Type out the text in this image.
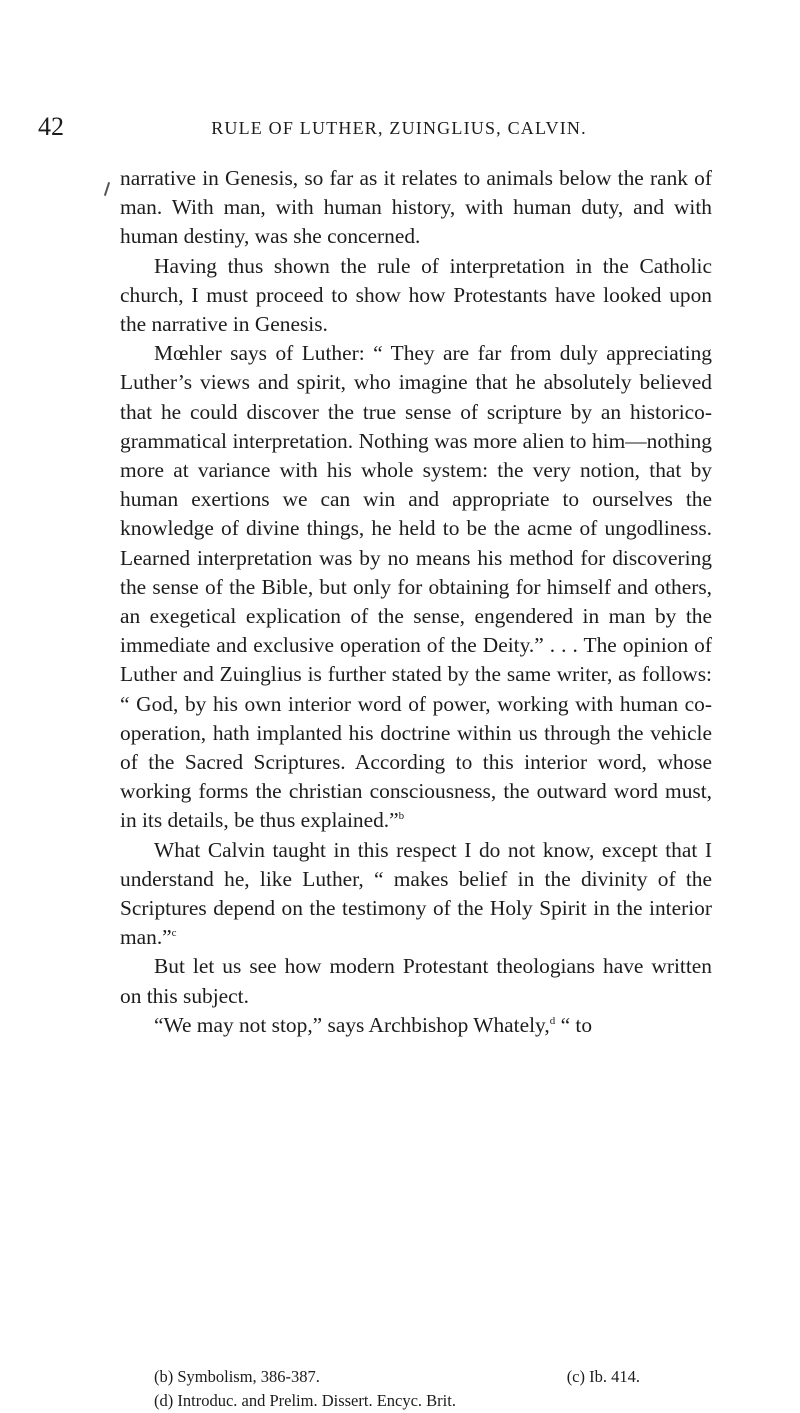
42	RULE OF LUTHER, ZUINGLIUS, CALVIN.

narrative in Genesis, so far as it relates to animals below the rank of man. With man, with human history, with human duty, and with human destiny, was she concerned.

Having thus shown the rule of interpretation in the Catholic church, I must proceed to show how Protestants have looked upon the narrative in Genesis.

Mœhler says of Luther: “ They are far from duly appreciating Luther’s views and spirit, who imagine that he absolutely believed that he could discover the true sense of scripture by an historico-grammatical interpretation. Nothing was more alien to him—nothing more at variance with his whole system: the very notion, that by human exertions we can win and appropriate to ourselves the knowledge of divine things, he held to be the acme of ungodliness. Learned interpretation was by no means his method for discovering the sense of the Bible, but only for obtaining for himself and others, an exegetical explication of the sense, engendered in man by the immediate and exclusive operation of the Deity.” . . . The opinion of Luther and Zuinglius is further stated by the same writer, as follows: “ God, by his own interior word of power, working with human co-operation, hath implanted his doctrine within us through the vehicle of the Sacred Scriptures. According to this interior word, whose working forms the christian consciousness, the outward word must, in its details, be thus explained.”$^b$

What Calvin taught in this respect I do not know, except that I understand he, like Luther, “ makes belief in the divinity of the Scriptures depend on the testimony of the Holy Spirit in the interior man.”$^c$

But let us see how modern Protestant theologians have written on this subject.

“We may not stop,” says Archbishop Whately,$^d$ “ to

(b) Symbolism, 386-387.	(c) Ib. 414.
(d) Introduc. and Prelim. Dissert. Encyc. Brit.
